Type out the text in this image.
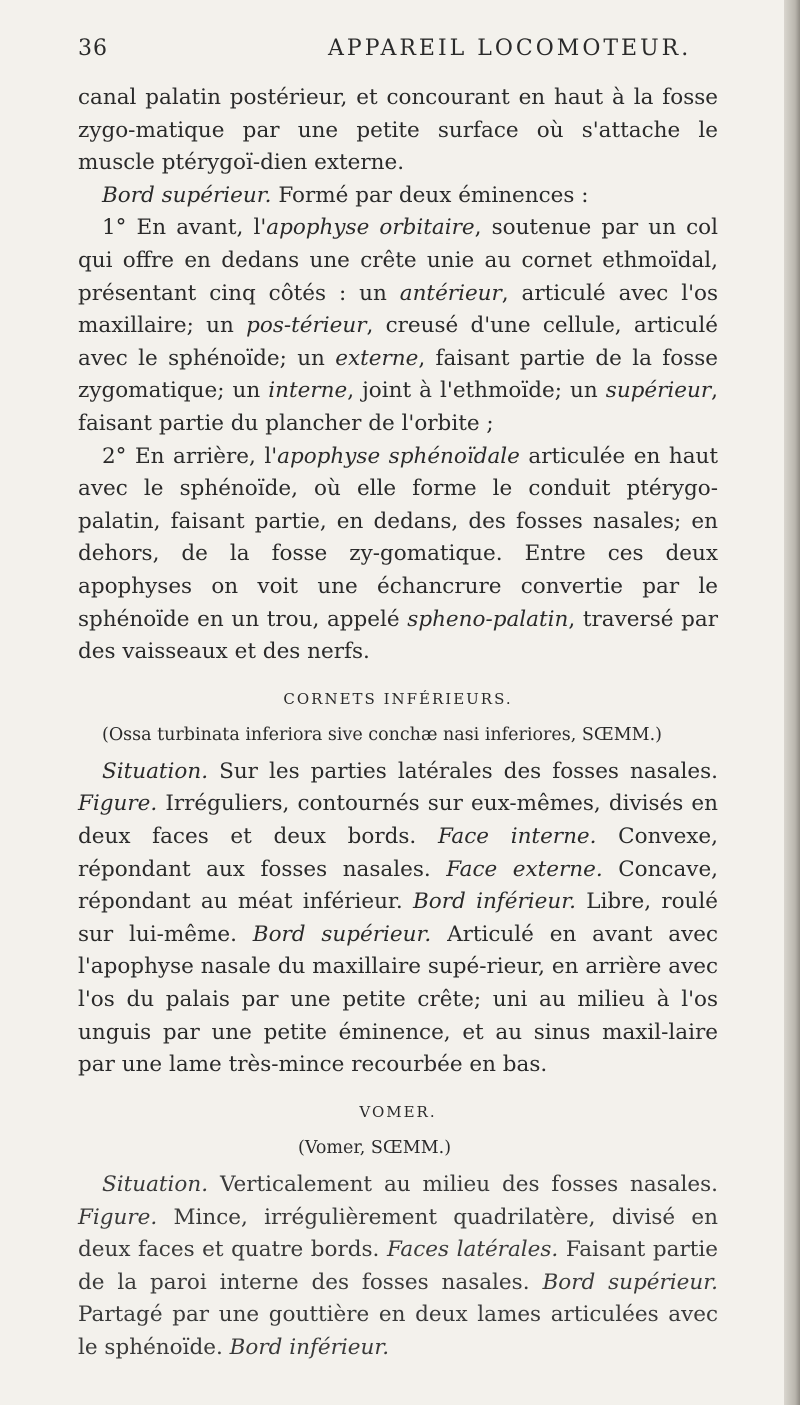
36	APPAREIL LOCOMOTEUR.

canal palatin postérieur, et concourant en haut à la fosse zygo-matique par une petite surface où s'attache le muscle ptérygoï-dien externe.

Bord supérieur. Formé par deux éminences :

1° En avant, l'apophyse orbitaire, soutenue par un col qui offre en dedans une crête unie au cornet ethmoïdal, présentant cinq côtés : un antérieur, articulé avec l'os maxillaire; un pos-térieur, creusé d'une cellule, articulé avec le sphénoïde; un externe, faisant partie de la fosse zygomatique; un interne, joint à l'ethmoïde; un supérieur, faisant partie du plancher de l'orbite ;

2° En arrière, l'apophyse sphénoïdale articulée en haut avec le sphénoïde, où elle forme le conduit ptérygo-palatin, faisant partie, en dedans, des fosses nasales; en dehors, de la fosse zy-gomatique. Entre ces deux apophyses on voit une échancrure convertie par le sphénoïde en un trou, appelé spheno-palatin, traversé par des vaisseaux et des nerfs.

CORNETS INFÉRIEURS.

(Ossa turbinata inferiora sive conchæ nasi inferiores, SŒMM.)

Situation. Sur les parties latérales des fosses nasales. Figure. Irréguliers, contournés sur eux-mêmes, divisés en deux faces et deux bords. Face interne. Convexe, répondant aux fosses nasales. Face externe. Concave, répondant au méat inférieur. Bord inférieur. Libre, roulé sur lui-même. Bord supérieur. Articulé en avant avec l'apophyse nasale du maxillaire supé-rieur, en arrière avec l'os du palais par une petite crête; uni au milieu à l'os unguis par une petite éminence, et au sinus maxil-laire par une lame très-mince recourbée en bas.

VOMER.

(Vomer, SŒMM.)

Situation. Verticalement au milieu des fosses nasales. Figure. Mince, irrégulièrement quadrilatère, divisé en deux faces et quatre bords. Faces latérales. Faisant partie de la paroi interne des fosses nasales. Bord supérieur. Partagé par une gouttière en deux lames articulées avec le sphénoïde. Bord inférieur.
